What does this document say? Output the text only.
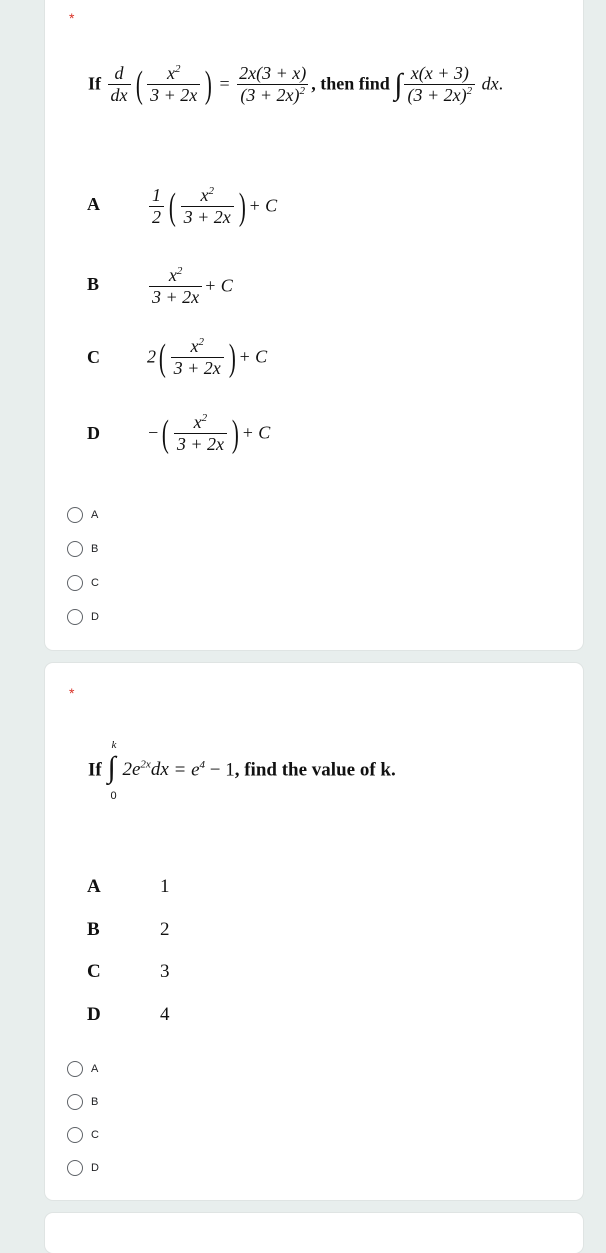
*
If $\frac{d}{dx}$ ( $\frac{x^2}{3 + 2x}$ ) = $\frac{2x(3 + x)}{(3 + 2x)^2}$ , then find ∫ $\frac{x(x + 3)}{(3 + 2x)^2}$ dx.
A	$\frac{1}{2}$ ( $\frac{x^2}{3 + 2x}$ ) + C
B	$\frac{x^2}{3 + 2x} + C$
C	$2( \frac{x^2}{3 + 2x}$ ) + C
D	−( $\frac{x^2}{3 + 2x}$ ) + C
A
B
C
D
*
If
k
∫
0
$2e^{2x}dx = e^4 - 1$, find the value of k.
A	1
B	2
C	3
D	4
A
B
C
D
